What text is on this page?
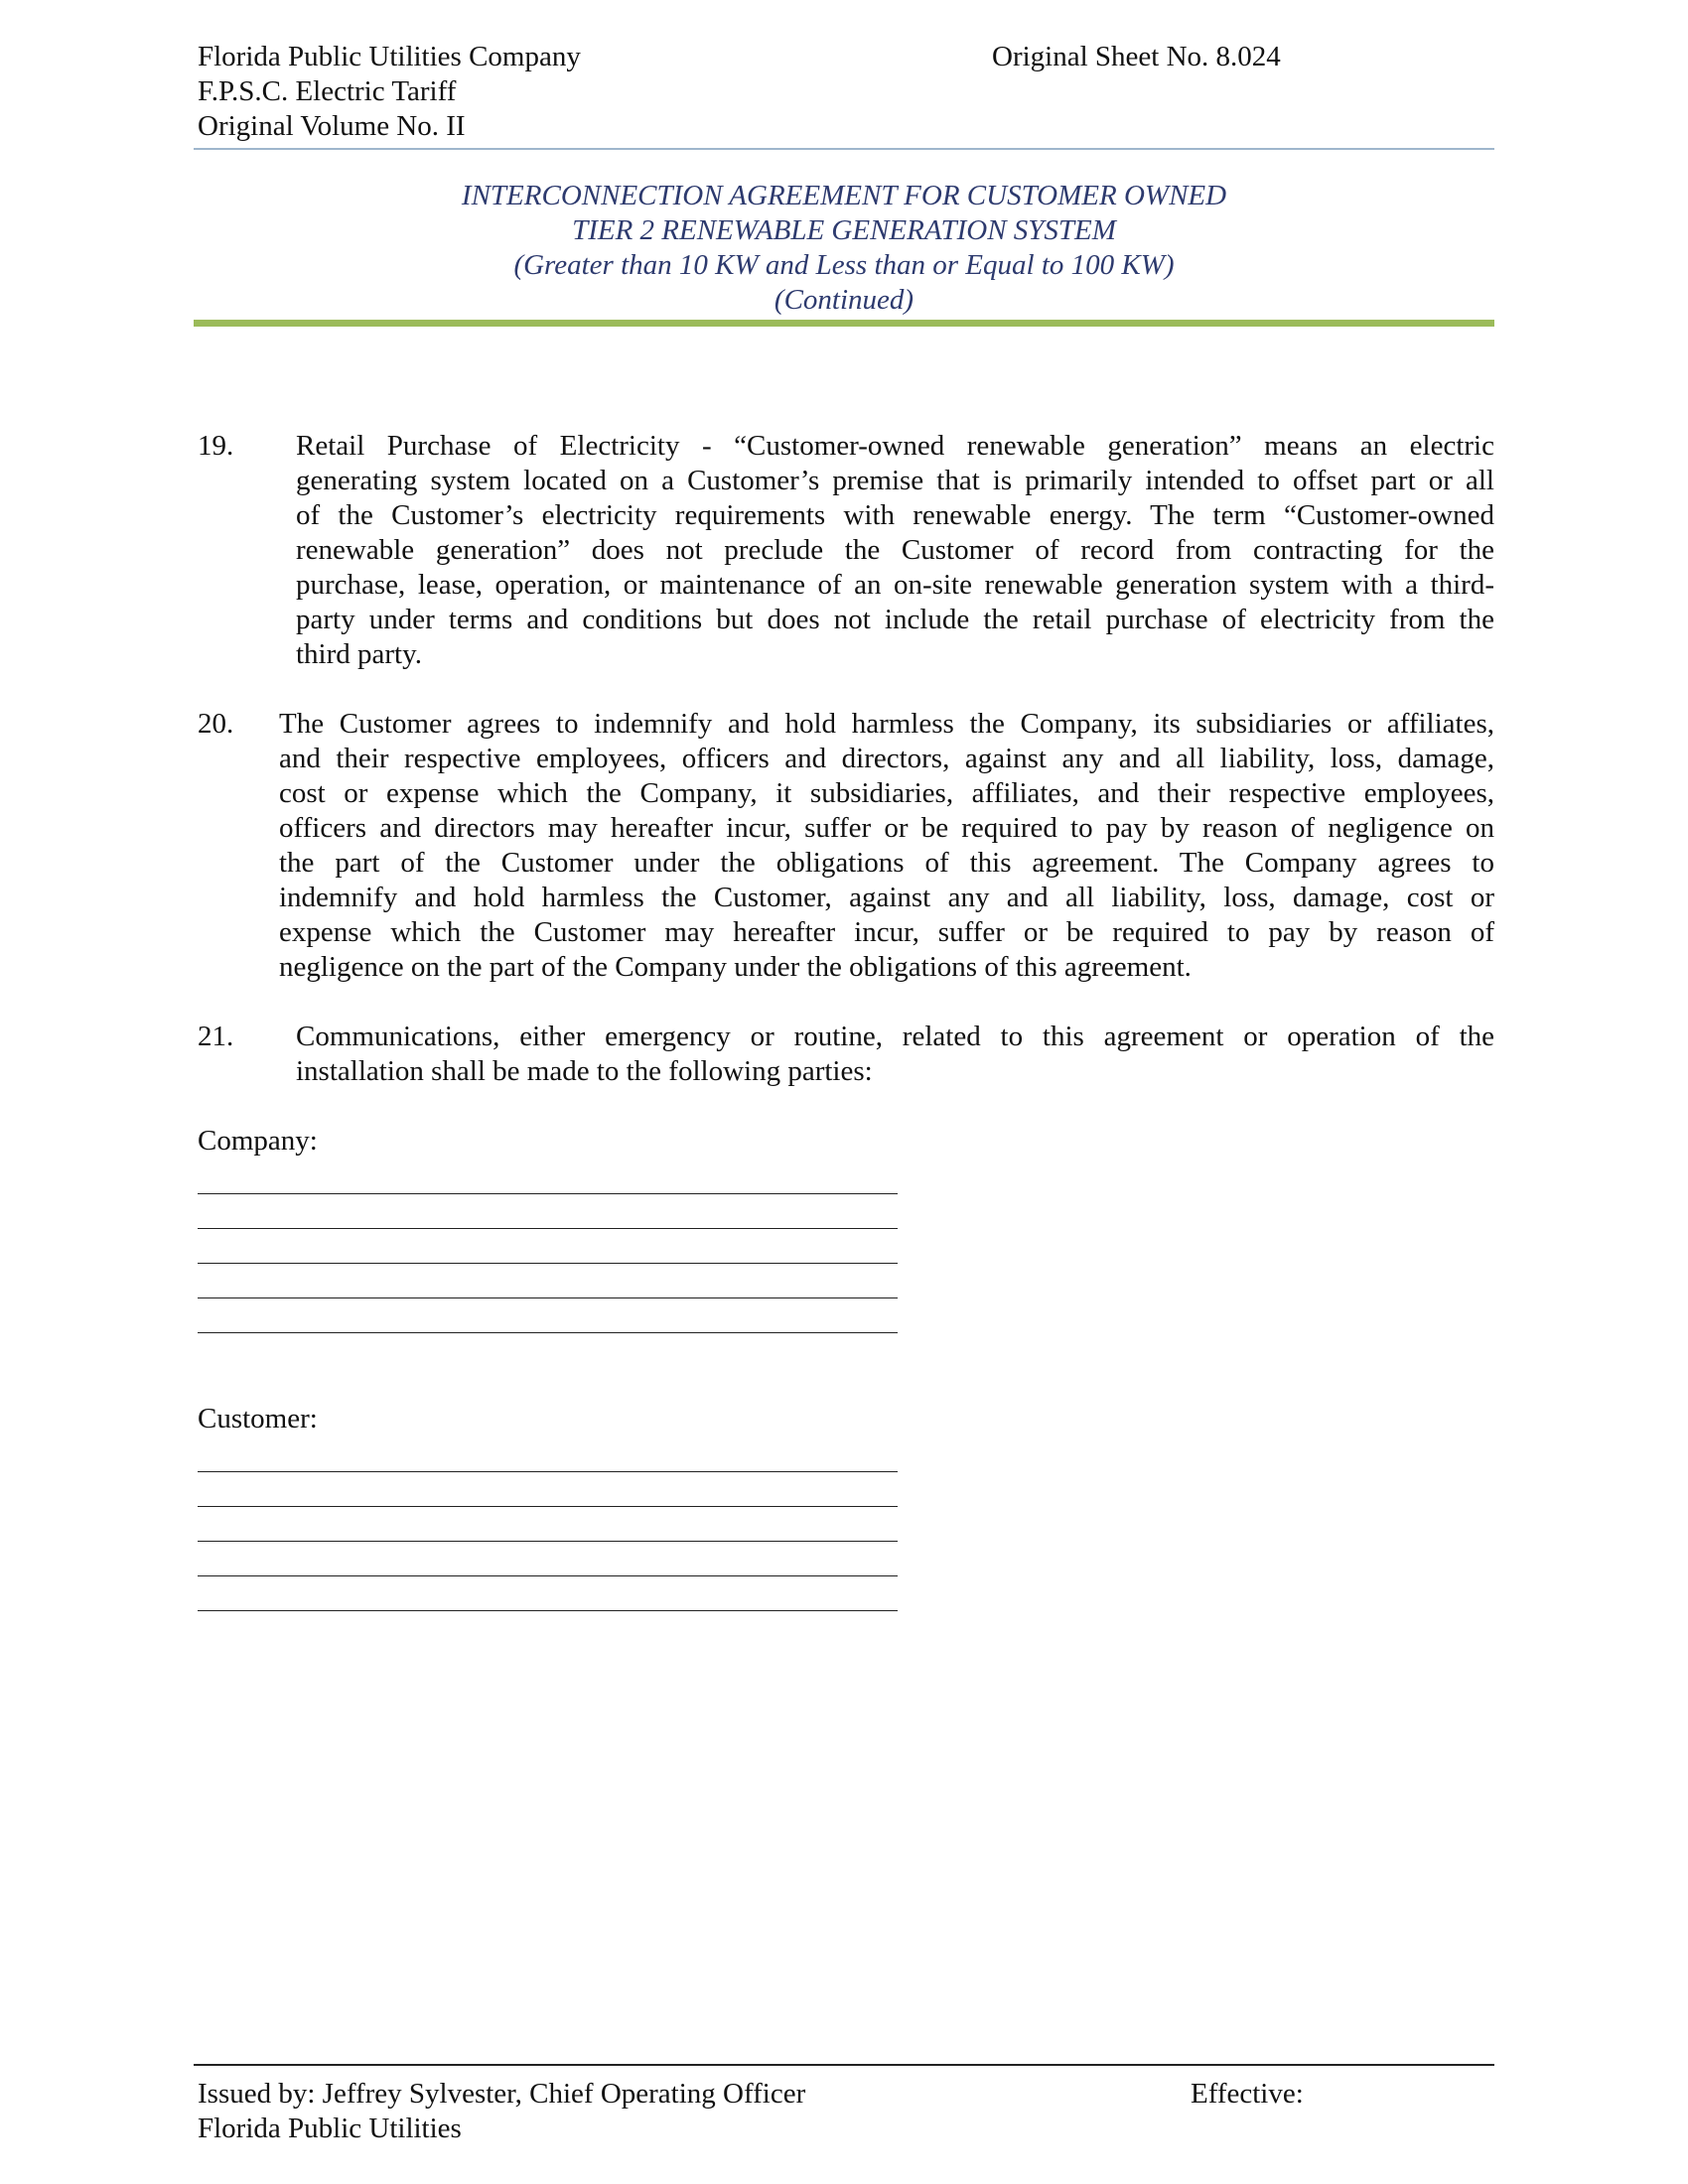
Florida Public Utilities Company
F.P.S.C. Electric Tariff
Original Volume No. II
Original Sheet No. 8.024
INTERCONNECTION AGREEMENT FOR CUSTOMER OWNED
TIER 2 RENEWABLE GENERATION SYSTEM
(Greater than 10 KW and Less than or Equal to 100 KW)
(Continued)
19. Retail Purchase of Electricity - “Customer-owned renewable generation” means an electric
generating system located on a Customer’s premise that is primarily intended to offset part or all
of the Customer’s electricity requirements with renewable energy. The term “Customer-owned
renewable generation” does not preclude the Customer of record from contracting for the
purchase, lease, operation, or maintenance of an on-site renewable generation system with a third-
party under terms and conditions but does not include the retail purchase of electricity from the
third party.
20. The Customer agrees to indemnify and hold harmless the Company, its subsidiaries or affiliates,
and their respective employees, officers and directors, against any and all liability, loss, damage,
cost or expense which the Company, it subsidiaries, affiliates, and their respective employees,
officers and directors may hereafter incur, suffer or be required to pay by reason of negligence on
the part of the Customer under the obligations of this agreement. The Company agrees to
indemnify and hold harmless the Customer, against any and all liability, loss, damage, cost or
expense which the Customer may hereafter incur, suffer or be required to pay by reason of
negligence on the part of the Company under the obligations of this agreement.
21. Communications, either emergency or routine, related to this agreement or operation of the
installation shall be made to the following parties:
Company:
Customer:
Issued by: Jeffrey Sylvester, Chief Operating Officer
Florida Public Utilities
Effective:
